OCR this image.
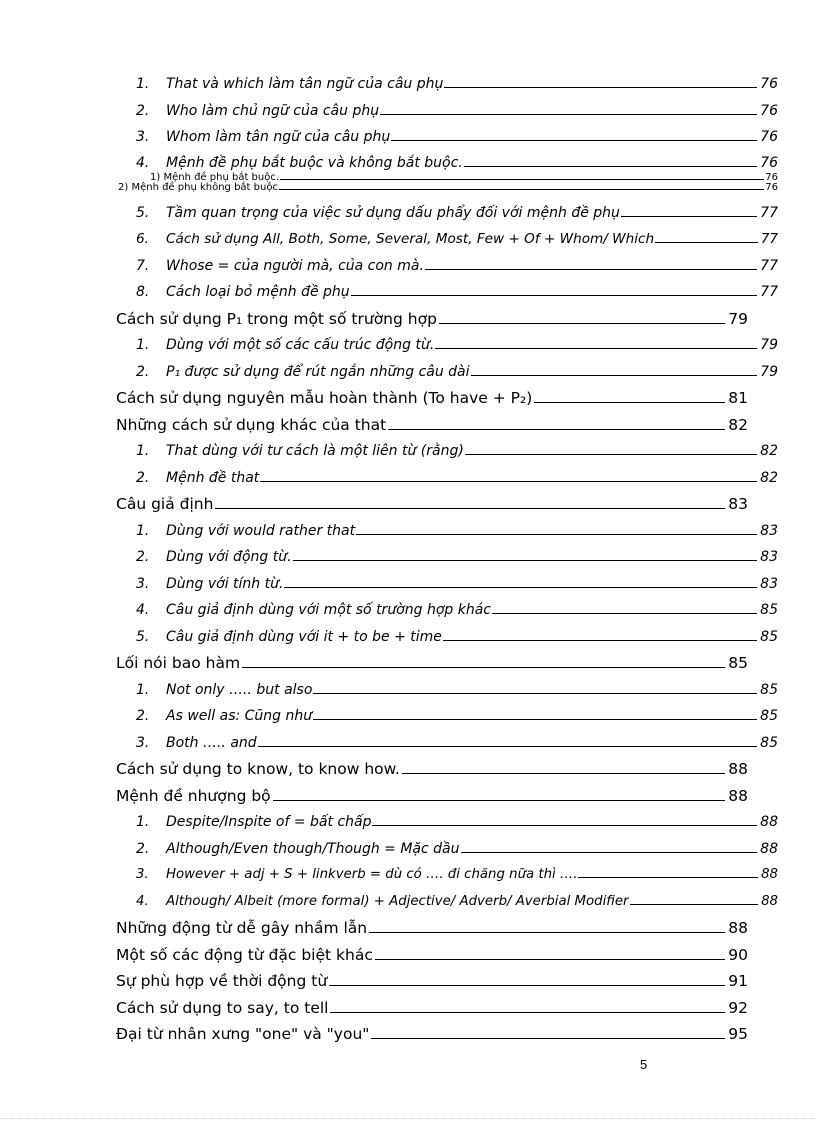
1. That và which làm tân ngữ của câu phụ	76
2. Who làm chủ ngữ của câu phụ	76
3. Whom làm tân ngữ của câu phụ	76
4. Mệnh đề phụ bắt buộc và không bắt buộc.	76
1) Mệnh đề phụ bắt buộc.	76
2) Mệnh đề phụ không bắt buộc	76
5. Tầm quan trọng của việc sử dụng dấu phẩy đối với mệnh đề phụ	77
6. Cách sử dụng All, Both, Some, Several, Most, Few + Of + Whom/ Which	77
7. Whose = của người mà, của con mà.	77
8. Cách loại bỏ mệnh đề phụ	77
Cách sử dụng P₁ trong một số trường hợp	79
1. Dùng với một số các cấu trúc động từ.	79
2. P₁ được sử dụng để rút ngắn những câu dài	79
Cách sử dụng nguyên mẫu hoàn thành (To have + P₂)	81
Những cách sử dụng khác của that	82
1. That dùng với tư cách là một liên từ (rằng)	82
2. Mệnh đề that	82
Câu giả định	83
1. Dùng với would rather that	83
2. Dùng với động từ.	83
3. Dùng với tính từ.	83
4. Câu giả định dùng với một số trường hợp khác	85
5. Câu giả định dùng với it + to be + time	85
Lối nói bao hàm	85
1. Not only ….. but also	85
2. As well as: Cũng như	85
3. Both ….. and	85
Cách sử dụng to know, to know how.	88
Mệnh đề nhượng bộ	88
1. Despite/Inspite of = bất chấp	88
2. Although/Even though/Though = Mặc dầu	88
3. However + adj + S + linkverb = dù có …. đi chăng nữa thì ….	88
4. Although/ Albeit (more formal) + Adjective/ Adverb/ Averbial Modifier	88
Những động từ dễ gây nhầm lẫn	88
Một số các động từ đặc biệt khác	90
Sự phù hợp về thời động từ	91
Cách sử dụng to say, to tell	92
Đại từ nhân xưng "one" và "you"	95
5
